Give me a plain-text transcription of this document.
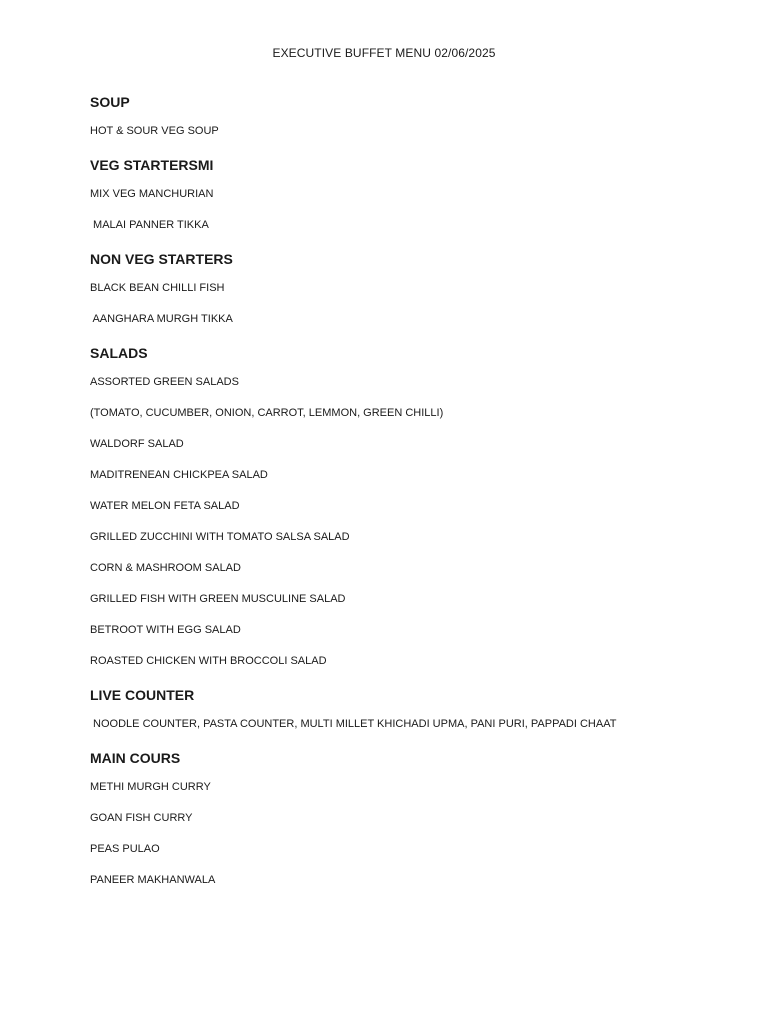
EXECUTIVE BUFFET MENU 02/06/2025
SOUP
HOT & SOUR VEG SOUP
VEG STARTERSMI
MIX VEG MANCHURIAN
MALAI PANNER TIKKA
NON VEG STARTERS
BLACK BEAN CHILLI FISH
AANGHARA MURGH TIKKA
SALADS
ASSORTED GREEN SALADS
(TOMATO, CUCUMBER, ONION, CARROT, LEMMON, GREEN CHILLI)
WALDORF SALAD
MADITRENEAN CHICKPEA SALAD
WATER MELON FETA SALAD
GRILLED ZUCCHINI WITH TOMATO SALSA SALAD
CORN & MASHROOM SALAD
GRILLED FISH WITH GREEN MUSCULINE SALAD
BETROOT WITH EGG SALAD
ROASTED CHICKEN WITH BROCCOLI SALAD
LIVE COUNTER
NOODLE COUNTER, PASTA COUNTER, MULTI MILLET KHICHADI UPMA, PANI PURI, PAPPADI CHAAT
MAIN COURS
METHI MURGH CURRY
GOAN FISH CURRY
PEAS PULAO
PANEER MAKHANWALA
